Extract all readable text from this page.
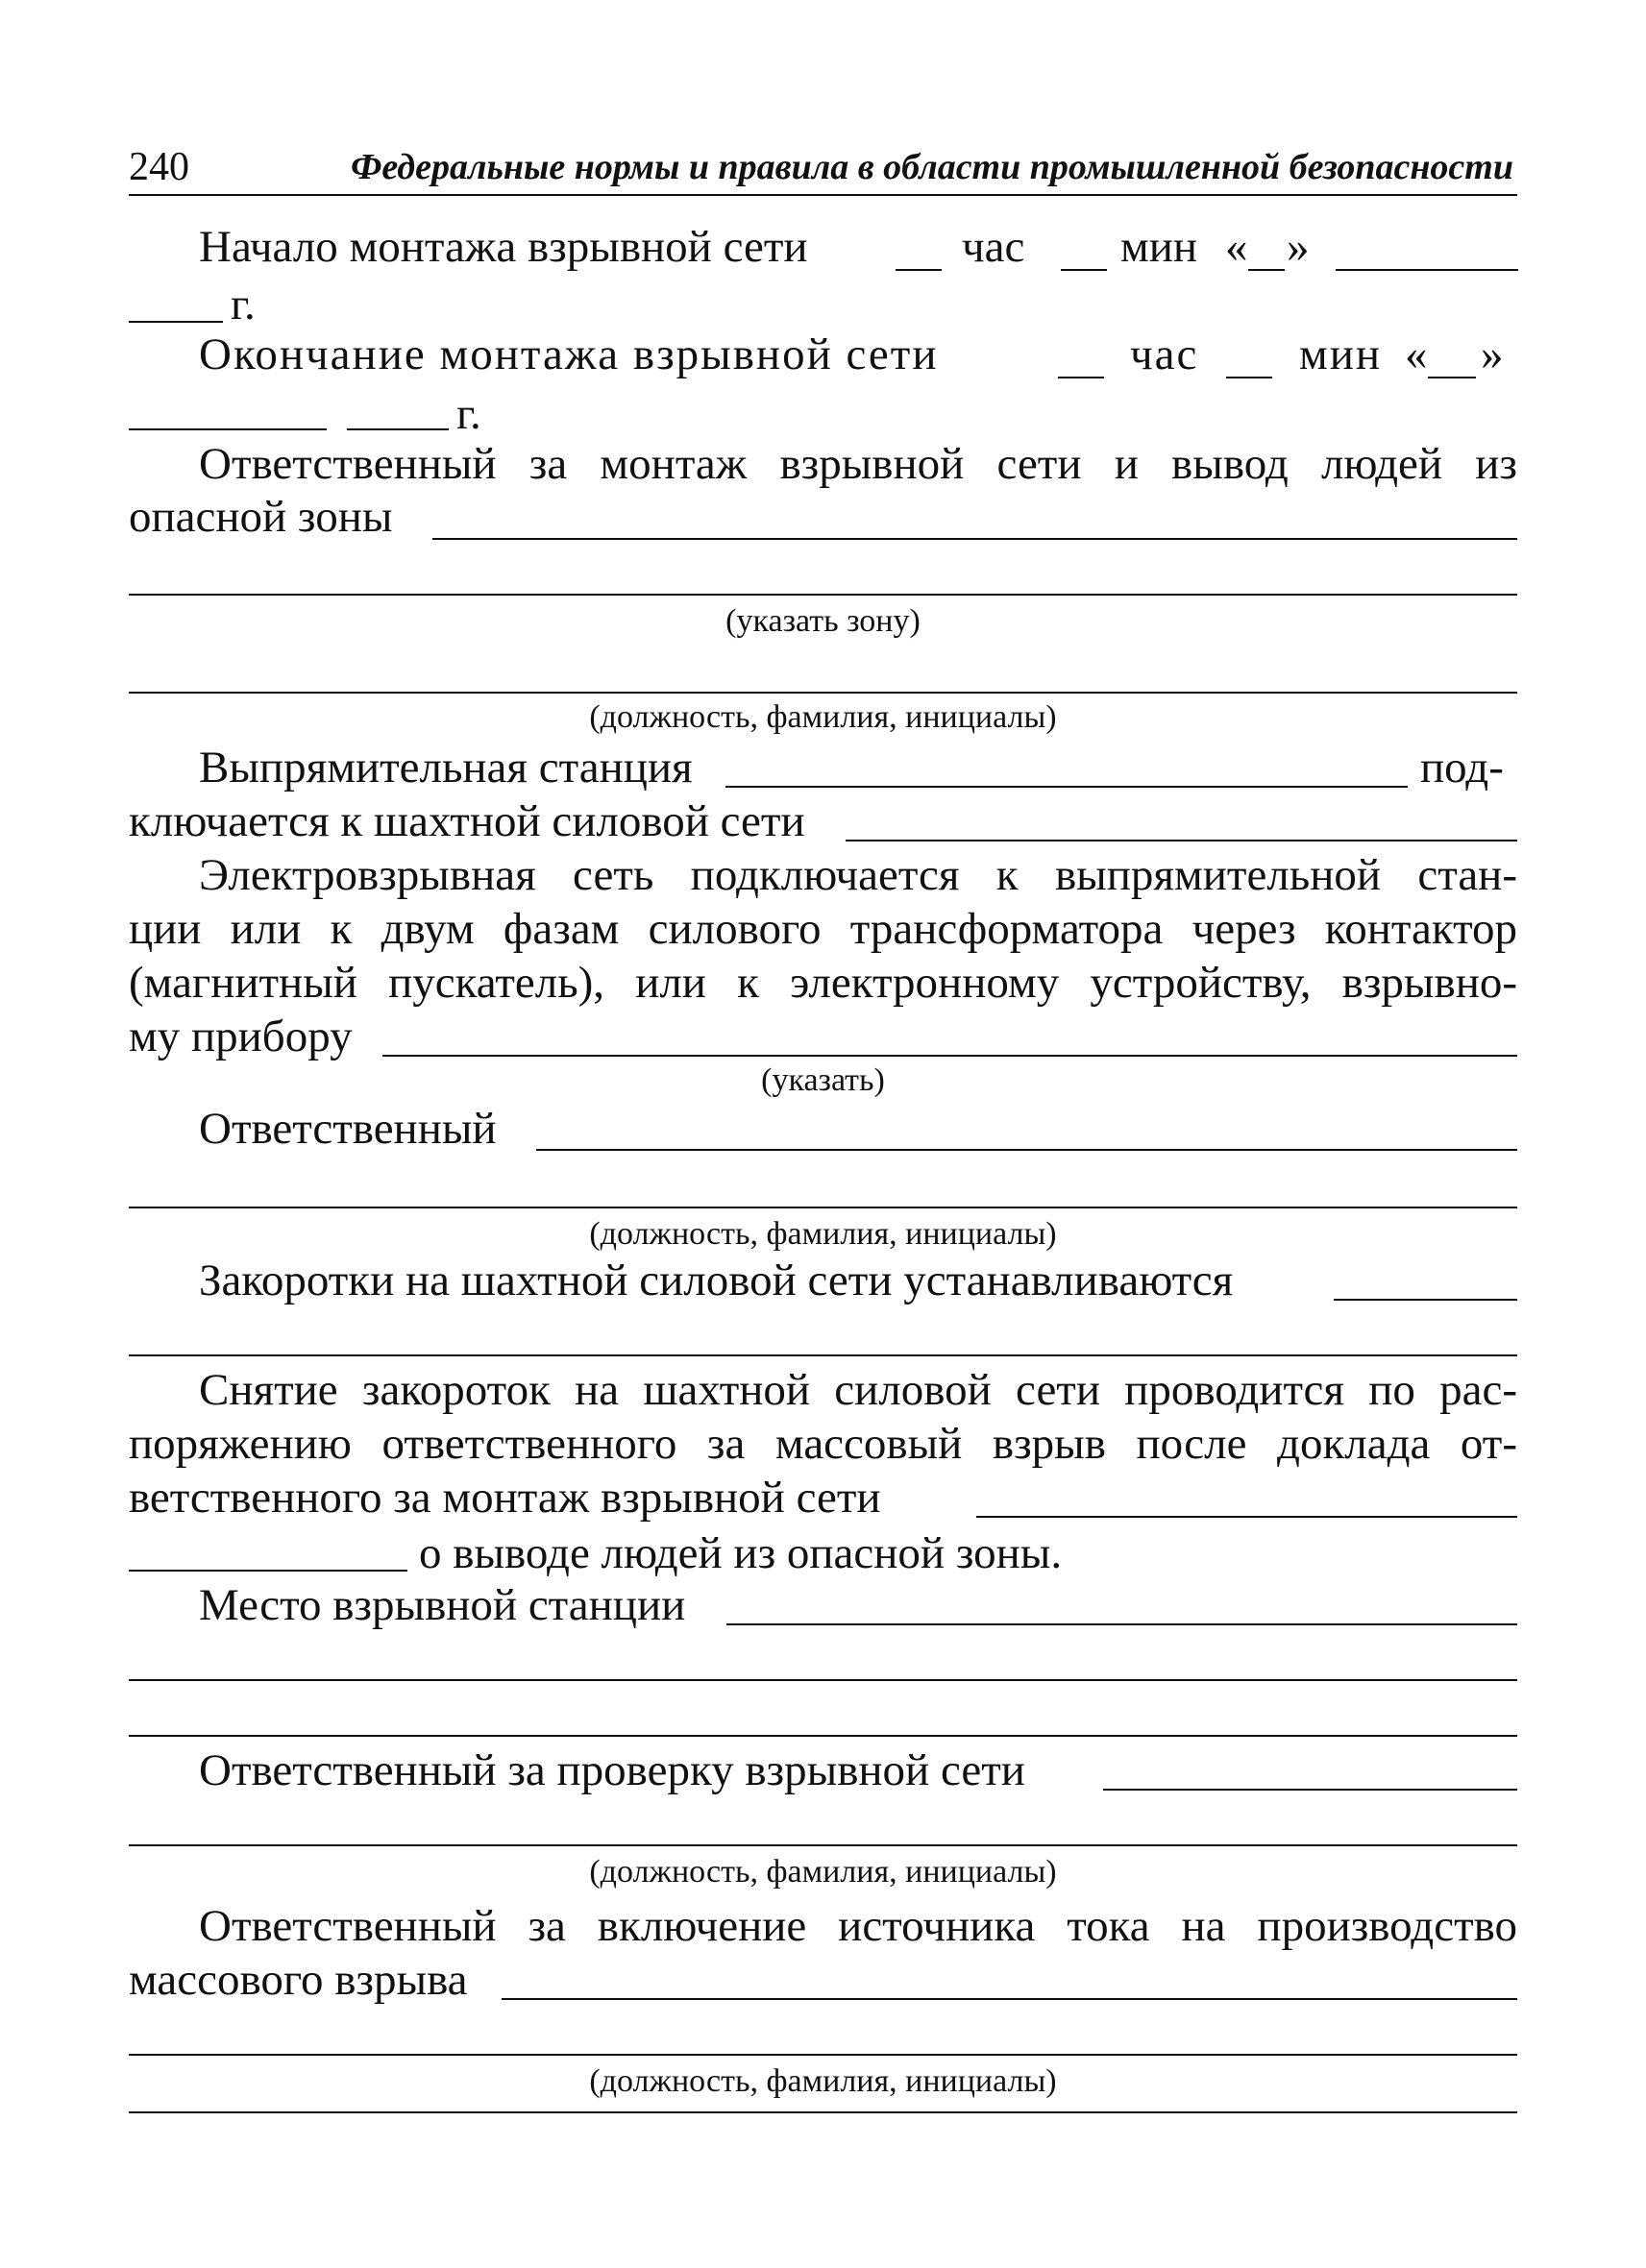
240	Федеральные нормы и правила в области промышленной безопасности
Начало монтажа взрывной сети	час мин « »
г.
Окончание монтажа взрывной сети	час мин « »
г.
Ответственный за монтаж взрывной сети и вывод людей из
опасной зоны
(указать зону)
(должность, фамилия, инициалы)
Выпрямительная станция	под-
ключается к шахтной силовой сети
Электровзрывная сеть подключается к выпрямительной стан-
ции или к двум фазам силового трансформатора через контактор
(магнитный пускатель), или к электронному устройству, взрывно-
му прибору
(указать)
Ответственный
(должность, фамилия, инициалы)
Закоротки на шахтной силовой сети устанавливаются
Снятие закороток на шахтной силовой сети проводится по рас-
поряжению ответственного за массовый взрыв после доклада от-
ветственного за монтаж взрывной сети
о выводе людей из опасной зоны.
Место взрывной станции
Ответственный за проверку взрывной сети
(должность, фамилия, инициалы)
Ответственный за включение источника тока на производство
массового взрыва
(должность, фамилия, инициалы)
